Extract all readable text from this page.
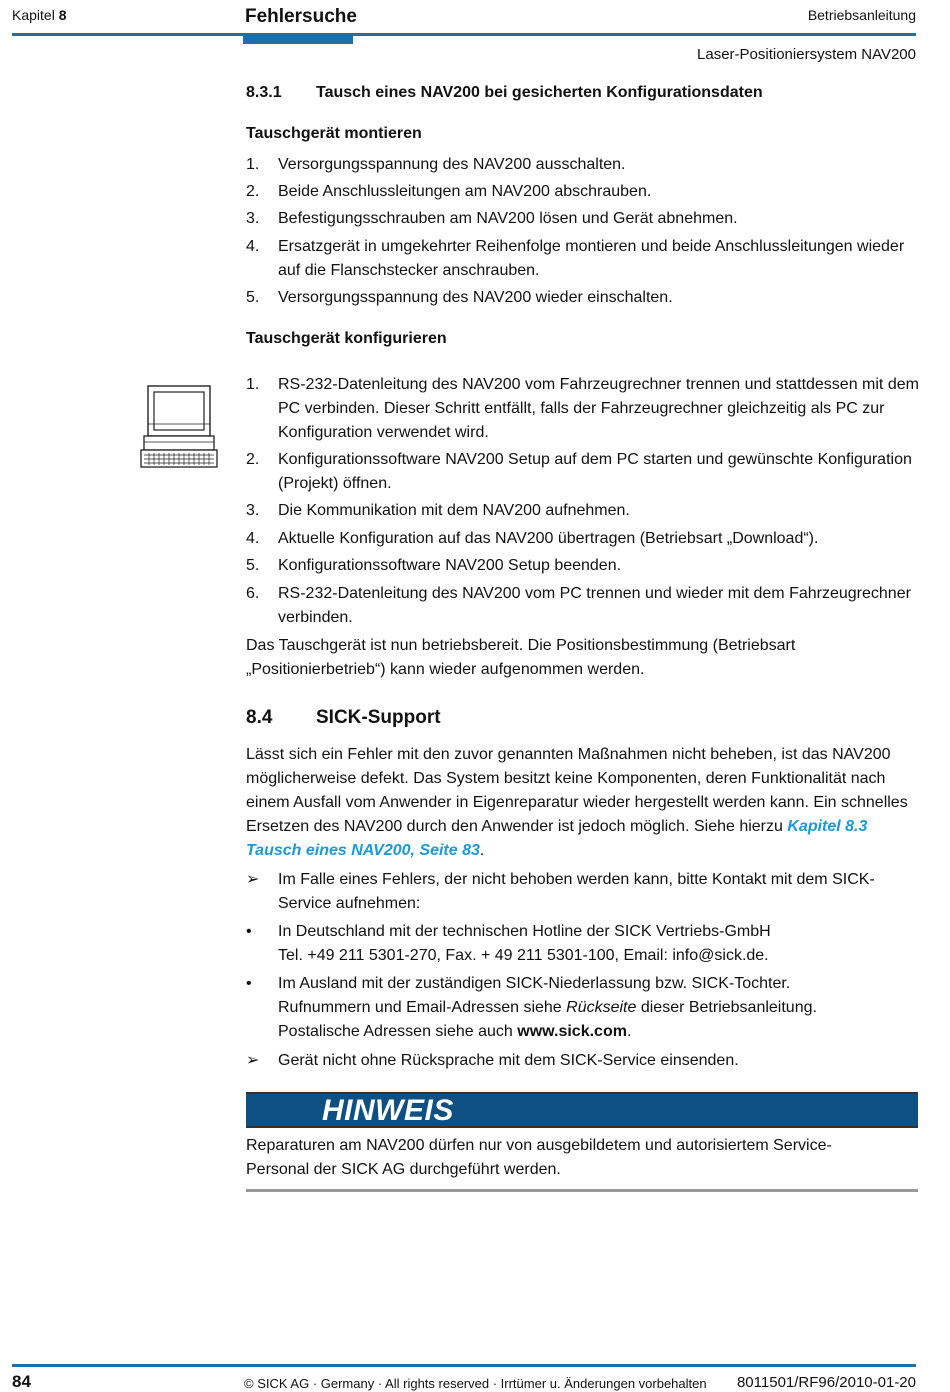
Kapitel 8	Fehlersuche	Betriebsanleitung
Laser-Positioniersystem NAV200
8.3.1 Tausch eines NAV200 bei gesicherten Konfigurationsdaten
Tauschgerät montieren
1. Versorgungsspannung des NAV200 ausschalten.
2. Beide Anschlussleitungen am NAV200 abschrauben.
3. Befestigungsschrauben am NAV200 lösen und Gerät abnehmen.
4. Ersatzgerät in umgekehrter Reihenfolge montieren und beide Anschlussleitungen wieder auf die Flanschstecker anschrauben.
5. Versorgungsspannung des NAV200 wieder einschalten.
Tauschgerät konfigurieren
1. RS-232-Datenleitung des NAV200 vom Fahrzeugrechner trennen und stattdessen mit dem PC verbinden. Dieser Schritt entfällt, falls der Fahrzeugrechner gleichzeitig als PC zur Konfiguration verwendet wird.
2. Konfigurationssoftware NAV200 Setup auf dem PC starten und gewünschte Konfiguration (Projekt) öffnen.
3. Die Kommunikation mit dem NAV200 aufnehmen.
4. Aktuelle Konfiguration auf das NAV200 übertragen (Betriebsart „Download“).
5. Konfigurationssoftware NAV200 Setup beenden.
6. RS-232-Datenleitung des NAV200 vom PC trennen und wieder mit dem Fahrzeugrechner verbinden.
Das Tauschgerät ist nun betriebsbereit. Die Positionsbestimmung (Betriebsart „Positionierbetrieb“) kann wieder aufgenommen werden.
8.4 SICK-Support
Lässt sich ein Fehler mit den zuvor genannten Maßnahmen nicht beheben, ist das NAV200 möglicherweise defekt. Das System besitzt keine Komponenten, deren Funktionalität nach einem Ausfall vom Anwender in Eigenreparatur wieder hergestellt werden kann. Ein schnelles Ersetzen des NAV200 durch den Anwender ist jedoch möglich. Siehe hierzu Kapitel 8.3 Tausch eines NAV200, Seite 83.
➢ Im Falle eines Fehlers, der nicht behoben werden kann, bitte Kontakt mit dem SICK-Service aufnehmen:
• In Deutschland mit der technischen Hotline der SICK Vertriebs-GmbH
Tel. +49 211 5301-270, Fax. + 49 211 5301-100, Email: info@sick.de.
• Im Ausland mit der zuständigen SICK-Niederlassung bzw. SICK-Tochter.
Rufnummern und Email-Adressen siehe Rückseite dieser Betriebsanleitung.
Postalische Adressen siehe auch www.sick.com.
➢ Gerät nicht ohne Rücksprache mit dem SICK-Service einsenden.
HINWEIS
Reparaturen am NAV200 dürfen nur von ausgebildetem und autorisiertem Service-Personal der SICK AG durchgeführt werden.
84	© SICK AG · Germany · All rights reserved · Irrtümer u. Änderungen vorbehalten 8011501/RF96/2010-01-20
